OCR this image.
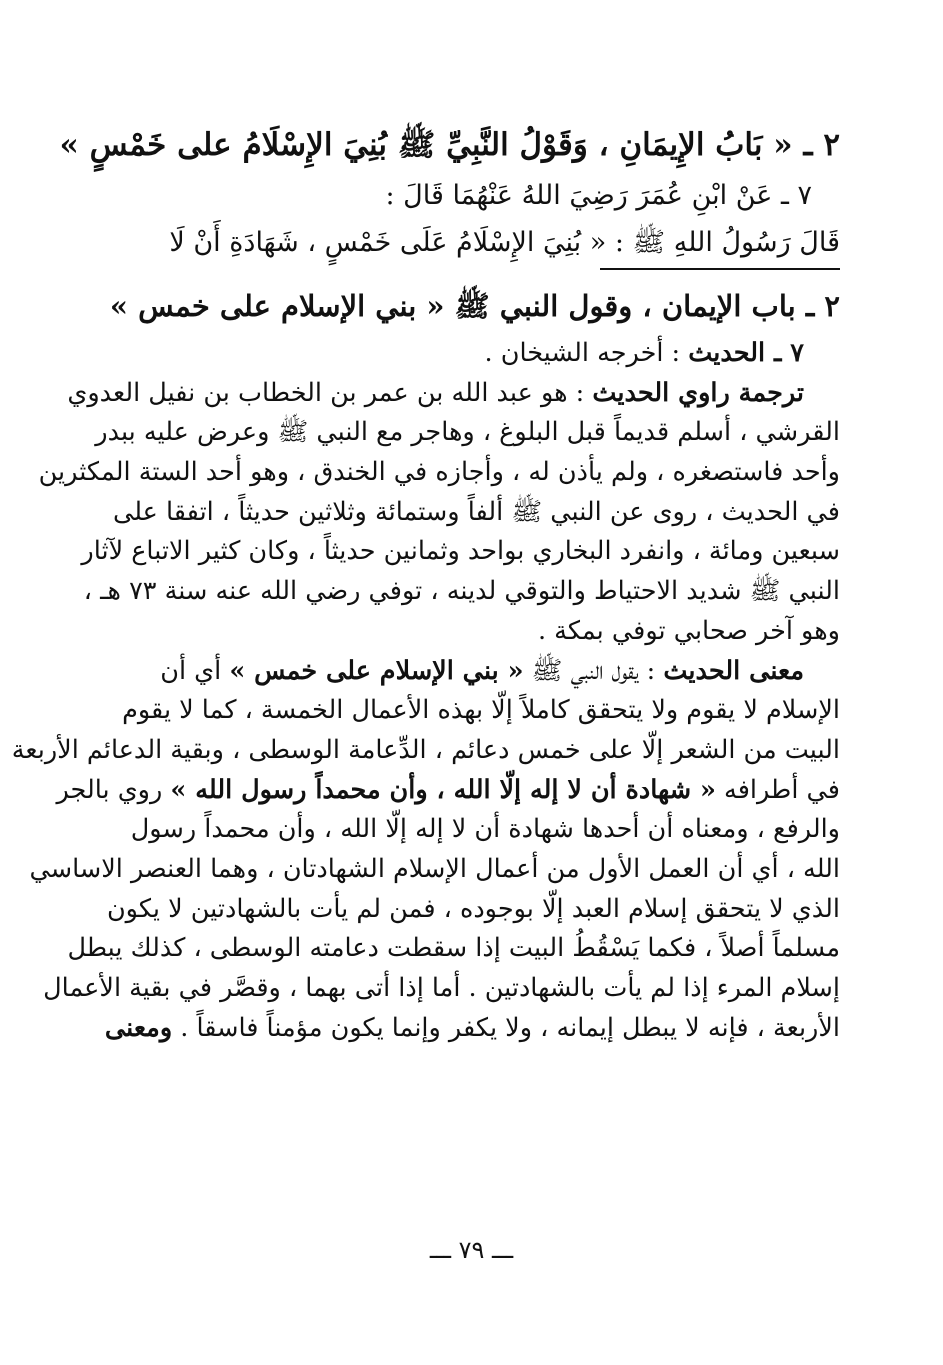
٢ ـ « بَابُ الإِيمَانِ ، وَقَوْلُ النَّبِيِّ ﷺ بُنِيَ الإِسْلَامُ على خَمْسٍ »
٧ ـ عَنْ ابْنِ عُمَرَ رَضِيَ اللهُ عَنْهُمَا قَالَ :
قَالَ رَسُولُ اللهِ ﷺ : « بُنِيَ الإِسْلَامُ عَلَى خَمْسٍ ، شَهَادَةِ أَنْ لَا
٢ ـ باب الإيمان ، وقول النبي ﷺ « بني الإسلام على خمس »
٧ ـ الحديث : أخرجه الشيخان .
ترجمة راوي الحديث : هو عبد الله بن عمر بن الخطاب بن نفيل العدوي
القرشي ، أسلم قديماً قبل البلوغ ، وهاجر مع النبي ﷺ وعرض عليه ببدر
وأحد فاستصغره ، ولم يأذن له ، وأجازه في الخندق ، وهو أحد الستة المكثرين
في الحديث ، روى عن النبي ﷺ ألفاً وستمائة وثلاثين حديثاً ، اتفقا على
سبعين ومائة ، وانفرد البخاري بواحد وثمانين حديثاً ، وكان كثير الاتباع لآثار
النبي ﷺ شديد الاحتياط والتوقي لدينه ، توفي رضي الله عنه سنة ٧٣ هـ ،
وهو آخر صحابي توفي بمكة .
معنى الحديث : يقول النبي ﷺ « بني الإسلام على خمس » أي أن
الإسلام لا يقوم ولا يتحقق كاملاً إلّا بهذه الأعمال الخمسة ، كما لا يقوم
البيت من الشعر إلّا على خمس دعائم ، الدِّعامة الوسطى ، وبقية الدعائم الأربعة
في أطرافه « شهادة أن لا إله إلّا الله ، وأن محمداً رسول الله » روي بالجر
والرفع ، ومعناه أن أحدها شهادة أن لا إله إلّا الله ، وأن محمداً رسول
الله ، أي أن العمل الأول من أعمال الإسلام الشهادتان ، وهما العنصر الاساسي
الذي لا يتحقق إسلام العبد إلّا بوجوده ، فمن لم يأت بالشهادتين لا يكون
مسلماً أصلاً ، فكما يَسْقُطُ البيت إذا سقطت دعامته الوسطى ، كذلك يبطل
إسلام المرء إذا لم يأت بالشهادتين . أما إذا أتى بهما ، وقصَّر في بقية الأعمال
الأربعة ، فإنه لا يبطل إيمانه ، ولا يكفر وإنما يكون مؤمناً فاسقاً . ومعنى
ـــ ٧٩ ـــ
